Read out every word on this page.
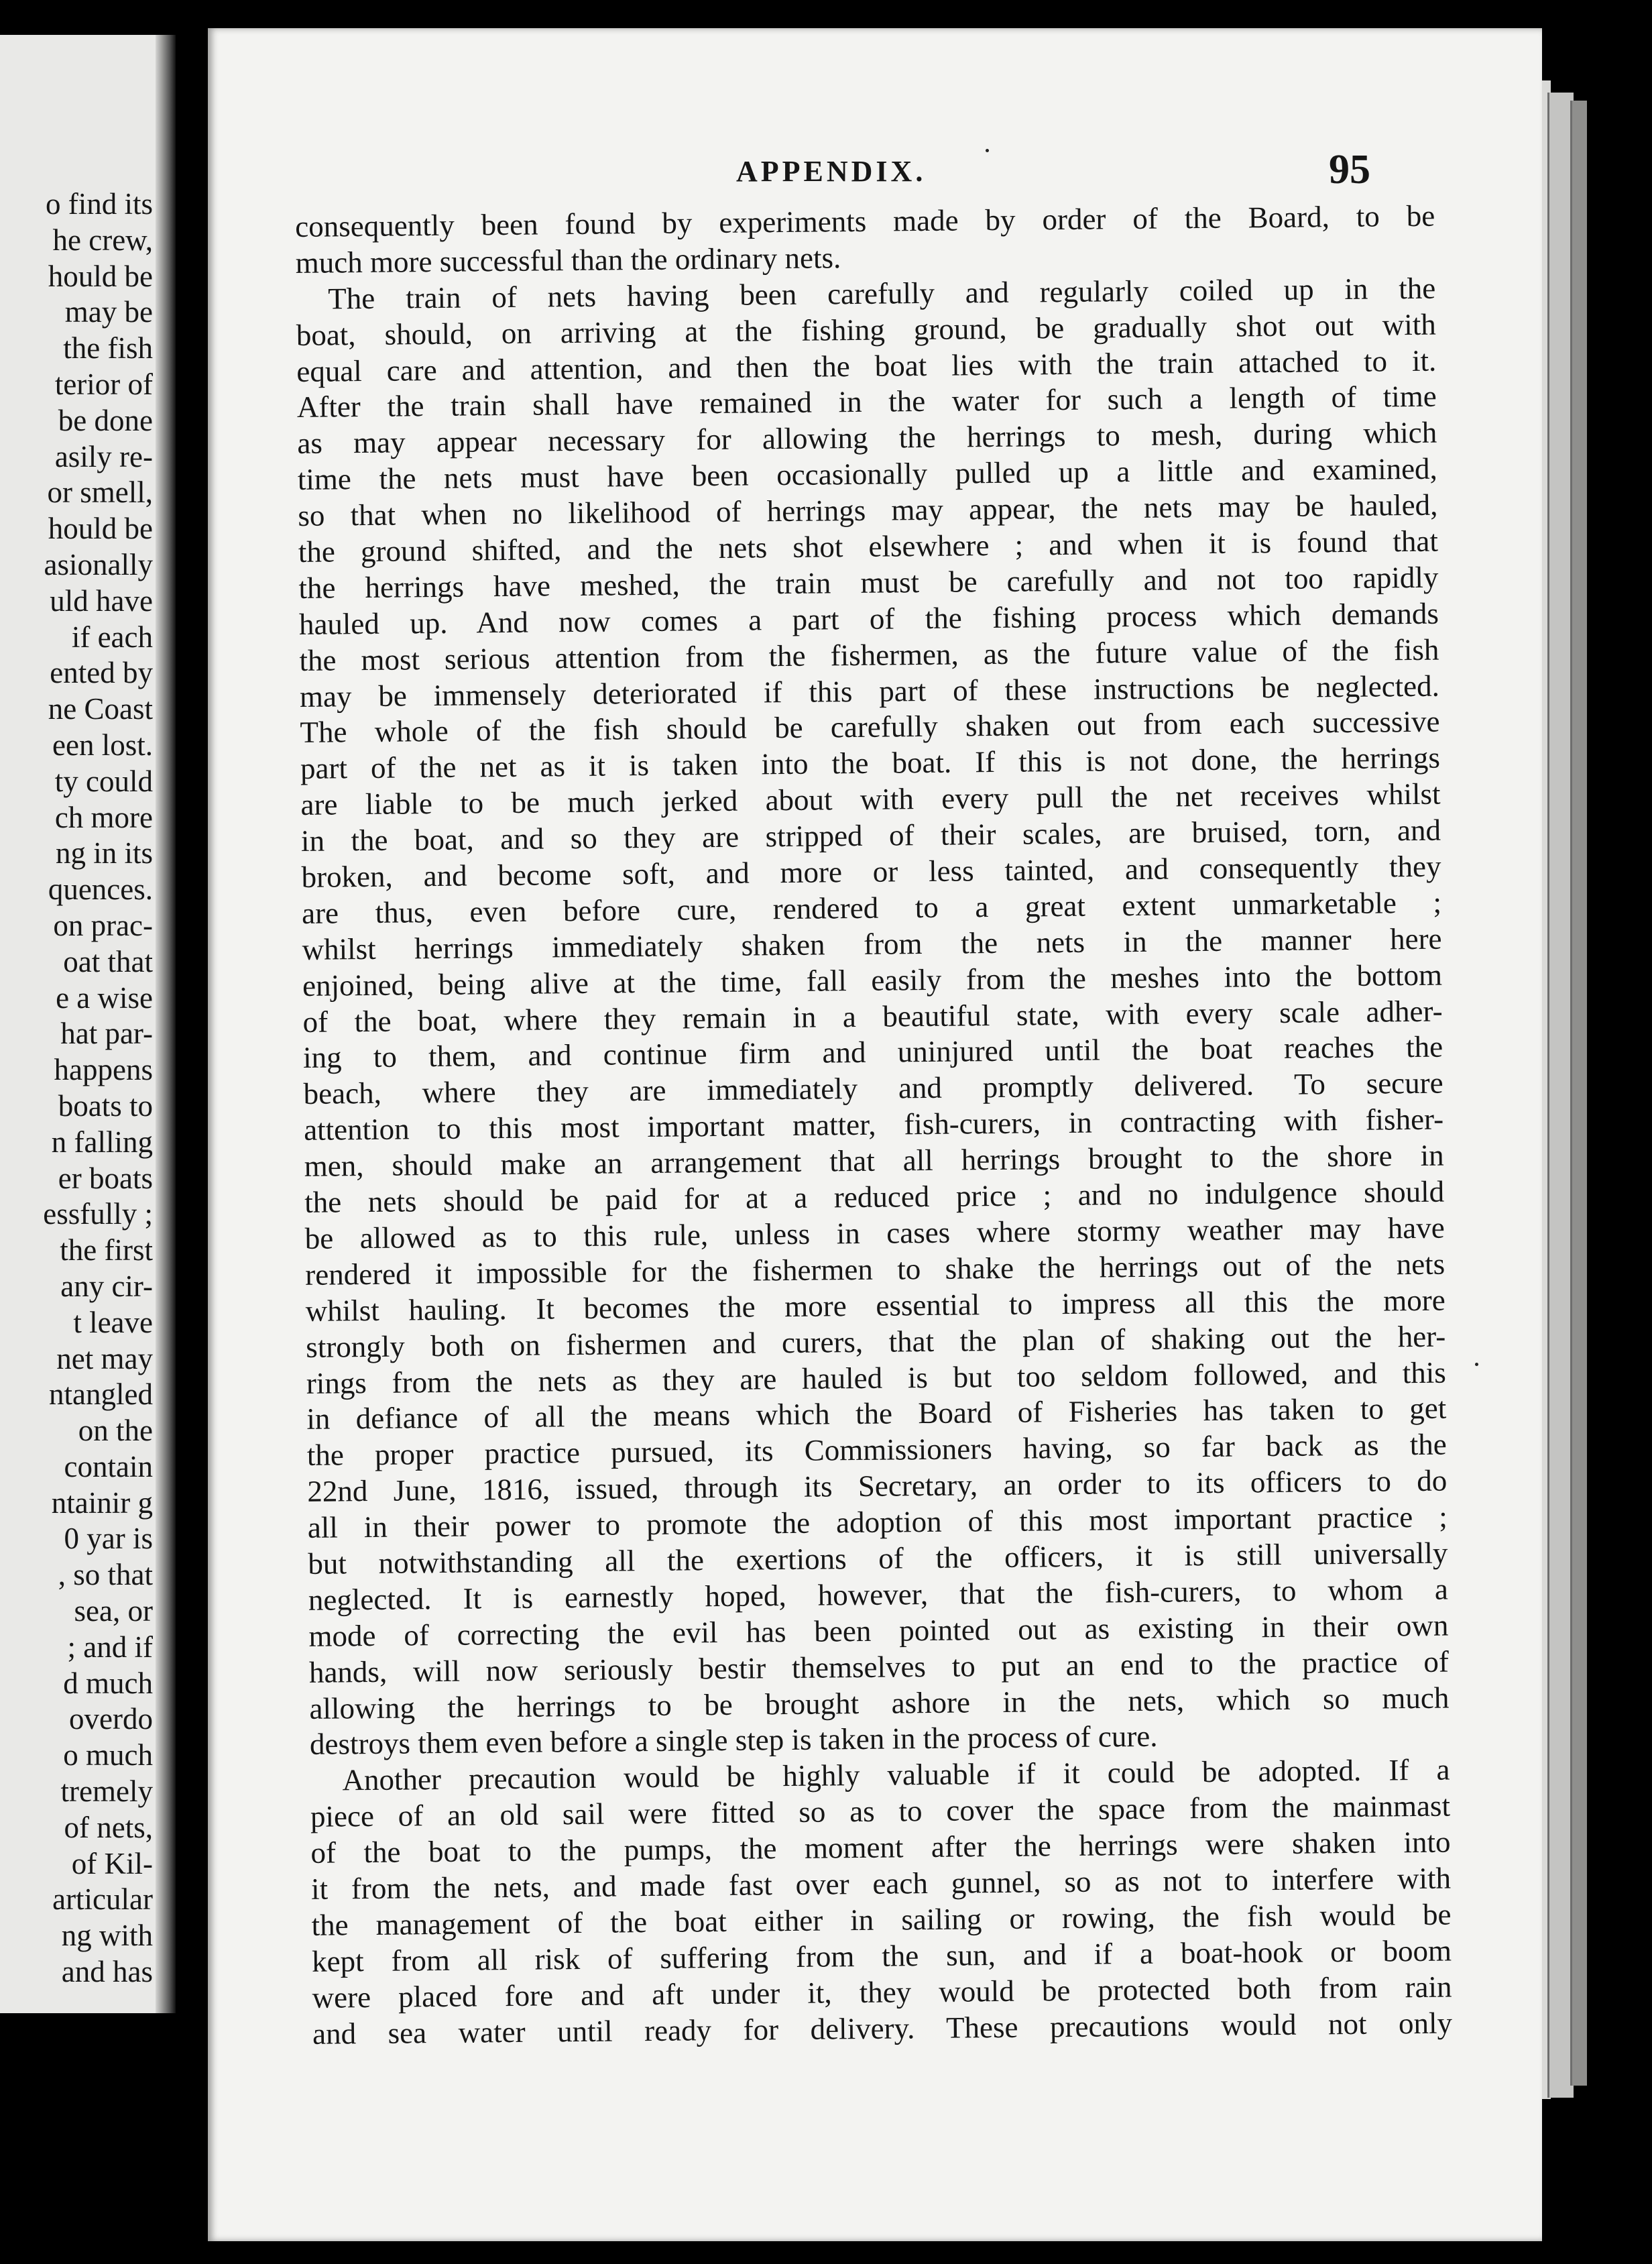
o find its
he crew,
hould be
may be
the fish
terior of
be done
asily re-
or smell,
hould be
asionally
uld have
if each
ented by
ne Coast
een lost.
ty could
ch more
ng in its
quences.
on prac-
oat that
e a wise
hat par-
happens
boats to
n falling
er boats
essfully ;
the first
any cir-
t leave
net may
ntangled
on the
contain
ntainir g
0 yar is
, so that
sea, or
; and if
d much
overdo
o much
tremely
of nets,
of Kil-
articular
ng with
and has
APPENDIX.	95
consequently been found by experiments made by order of the Board, to be
much more successful than the ordinary nets.
The train of nets having been carefully and regularly coiled up in the
boat, should, on arriving at the fishing ground, be gradually shot out with
equal care and attention, and then the boat lies with the train attached to it.
After the train shall have remained in the water for such a length of time
as may appear necessary for allowing the herrings to mesh, during which
time the nets must have been occasionally pulled up a little and examined,
so that when no likelihood of herrings may appear, the nets may be hauled,
the ground shifted, and the nets shot elsewhere ; and when it is found that
the herrings have meshed, the train must be carefully and not too rapidly
hauled up. And now comes a part of the fishing process which demands
the most serious attention from the fishermen, as the future value of the fish
may be immensely deteriorated if this part of these instructions be neglected.
The whole of the fish should be carefully shaken out from each successive
part of the net as it is taken into the boat. If this is not done, the herrings
are liable to be much jerked about with every pull the net receives whilst
in the boat, and so they are stripped of their scales, are bruised, torn, and
broken, and become soft, and more or less tainted, and consequently they
are thus, even before cure, rendered to a great extent unmarketable ;
whilst herrings immediately shaken from the nets in the manner here
enjoined, being alive at the time, fall easily from the meshes into the bottom
of the boat, where they remain in a beautiful state, with every scale adher-
ing to them, and continue firm and uninjured until the boat reaches the
beach, where they are immediately and promptly delivered. To secure
attention to this most important matter, fish-curers, in contracting with fisher-
men, should make an arrangement that all herrings brought to the shore in
the nets should be paid for at a reduced price ; and no indulgence should
be allowed as to this rule, unless in cases where stormy weather may have
rendered it impossible for the fishermen to shake the herrings out of the nets
whilst hauling. It becomes the more essential to impress all this the more
strongly both on fishermen and curers, that the plan of shaking out the her-
rings from the nets as they are hauled is but too seldom followed, and this
in defiance of all the means which the Board of Fisheries has taken to get
the proper practice pursued, its Commissioners having, so far back as the
22nd June, 1816, issued, through its Secretary, an order to its officers to do
all in their power to promote the adoption of this most important practice ;
but notwithstanding all the exertions of the officers, it is still universally
neglected. It is earnestly hoped, however, that the fish-curers, to whom a
mode of correcting the evil has been pointed out as existing in their own
hands, will now seriously bestir themselves to put an end to the practice of
allowing the herrings to be brought ashore in the nets, which so much
destroys them even before a single step is taken in the process of cure.
Another precaution would be highly valuable if it could be adopted. If a
piece of an old sail were fitted so as to cover the space from the mainmast
of the boat to the pumps, the moment after the herrings were shaken into
it from the nets, and made fast over each gunnel, so as not to interfere with
the management of the boat either in sailing or rowing, the fish would be
kept from all risk of suffering from the sun, and if a boat-hook or boom
were placed fore and aft under it, they would be protected both from rain
and sea water until ready for delivery. These precautions would not only
